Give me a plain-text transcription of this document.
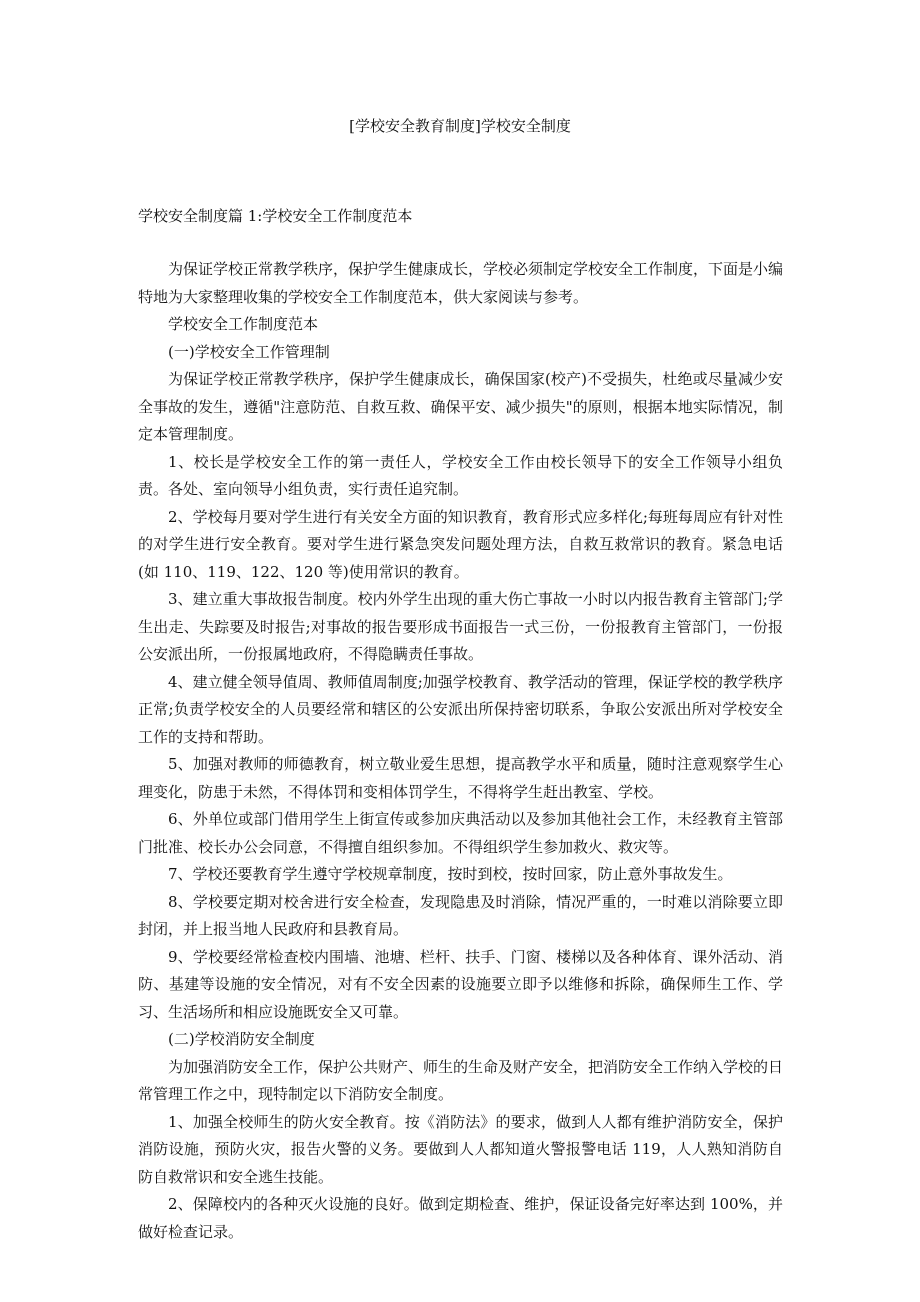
[学校安全教育制度]学校安全制度
学校安全制度篇 1:学校安全工作制度范本

为保证学校正常教学秩序，保护学生健康成长，学校必须制定学校安全工作制度，下面是小编特地为大家整理收集的学校安全工作制度范本，供大家阅读与参考。

学校安全工作制度范本

(一)学校安全工作管理制

为保证学校正常教学秩序，保护学生健康成长，确保国家(校产)不受损失，杜绝或尽量减少安全事故的发生，遵循"注意防范、自救互救、确保平安、减少损失"的原则，根据本地实际情况，制定本管理制度。

1、校长是学校安全工作的第一责任人，学校安全工作由校长领导下的安全工作领导小组负责。各处、室向领导小组负责，实行责任追究制。

2、学校每月要对学生进行有关安全方面的知识教育，教育形式应多样化;每班每周应有针对性的对学生进行安全教育。要对学生进行紧急突发问题处理方法，自救互救常识的教育。紧急电话(如 110、119、122、120 等)使用常识的教育。

3、建立重大事故报告制度。校内外学生出现的重大伤亡事故一小时以内报告教育主管部门;学生出走、失踪要及时报告;对事故的报告要形成书面报告一式三份，一份报教育主管部门，一份报公安派出所，一份报属地政府，不得隐瞒责任事故。

4、建立健全领导值周、教师值周制度;加强学校教育、教学活动的管理，保证学校的教学秩序正常;负责学校安全的人员要经常和辖区的公安派出所保持密切联系，争取公安派出所对学校安全工作的支持和帮助。

5、加强对教师的师德教育，树立敬业爱生思想，提高教学水平和质量，随时注意观察学生心理变化，防患于未然，不得体罚和变相体罚学生，不得将学生赶出教室、学校。

6、外单位或部门借用学生上街宣传或参加庆典活动以及参加其他社会工作，未经教育主管部门批准、校长办公会同意，不得擅自组织参加。不得组织学生参加救火、救灾等。

7、学校还要教育学生遵守学校规章制度，按时到校，按时回家，防止意外事故发生。

8、学校要定期对校舍进行安全检查，发现隐患及时消除，情况严重的，一时难以消除要立即封闭，并上报当地人民政府和县教育局。

9、学校要经常检查校内围墙、池塘、栏杆、扶手、门窗、楼梯以及各种体育、课外活动、消防、基建等设施的安全情况，对有不安全因素的设施要立即予以维修和拆除，确保师生工作、学习、生活场所和相应设施既安全又可靠。

(二)学校消防安全制度

为加强消防安全工作，保护公共财产、师生的生命及财产安全，把消防安全工作纳入学校的日常管理工作之中，现特制定以下消防安全制度。

1、加强全校师生的防火安全教育。按《消防法》的要求，做到人人都有维护消防安全，保护消防设施，预防火灾，报告火警的义务。要做到人人都知道火警报警电话 119，人人熟知消防自防自救常识和安全逃生技能。

2、保障校内的各种灭火设施的良好。做到定期检查、维护，保证设备完好率达到 100%，并做好检查记录。
